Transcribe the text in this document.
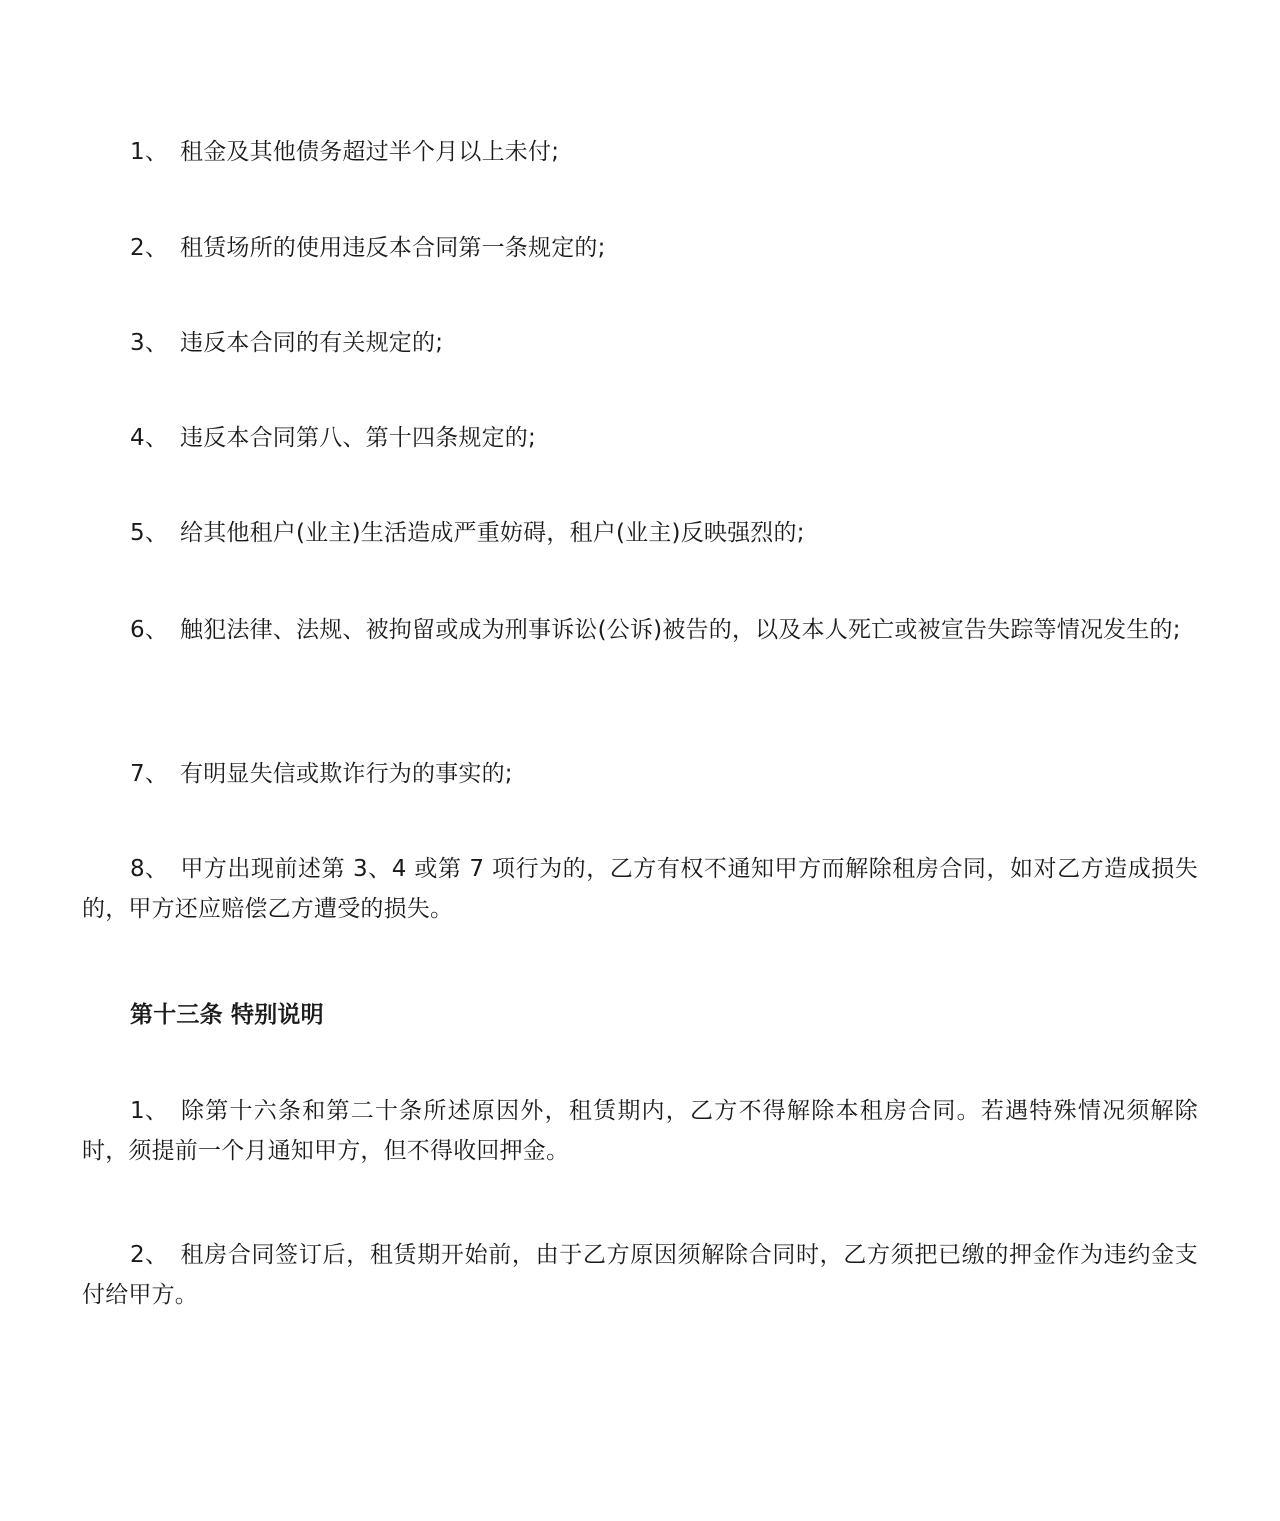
1、 租金及其他债务超过半个月以上未付;

2、 租赁场所的使用违反本合同第一条规定的;

3、 违反本合同的有关规定的;

4、 违反本合同第八、第十四条规定的;

5、 给其他租户(业主)生活造成严重妨碍，租户(业主)反映强烈的;

6、 触犯法律、法规、被拘留或成为刑事诉讼(公诉)被告的，以及本人死亡或被宣告失踪等情况发生的;

7、 有明显失信或欺诈行为的事实的;

8、 甲方出现前述第 3、4 或第 7 项行为的，乙方有权不通知甲方而解除租房合同，如对乙方造成损失的，甲方还应赔偿乙方遭受的损失。

第十三条 特别说明

1、 除第十六条和第二十条所述原因外，租赁期内，乙方不得解除本租房合同。若遇特殊情况须解除时，须提前一个月通知甲方，但不得收回押金。

2、 租房合同签订后，租赁期开始前，由于乙方原因须解除合同时，乙方须把已缴的押金作为违约金支付给甲方。
